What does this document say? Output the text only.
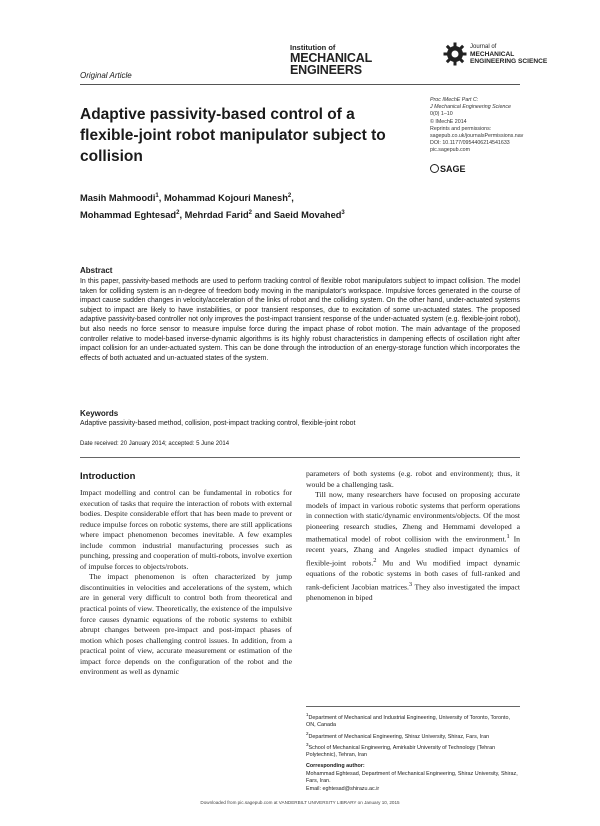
Institution of
MECHANICAL
ENGINEERS
Journal of
MECHANICAL
ENGINEERING SCIENCE
Original Article
Adaptive passivity-based control of a flexible-joint robot manipulator subject to collision
Proc IMechE Part C:
J Mechanical Engineering Science
0(0) 1–10
© IMechE 2014
Reprints and permissions:
sagepub.co.uk/journalsPermissions.nav
DOI: 10.1177/0954406214541633
pic.sagepub.com
SAGE
Masih Mahmoodi$^1$, Mohammad Kojouri Manesh$^2$,
Mohammad Eghtesad$^2$, Mehrdad Farid$^2$ and Saeid Movahed$^3$
Abstract
In this paper, passivity-based methods are used to perform tracking control of flexible robot manipulators subject to impact collision. The model taken for colliding system is an n-degree of freedom body moving in the manipulator's workspace. Impulsive forces generated in the course of impact cause sudden changes in velocity/acceleration of the links of robot and the colliding system. On the other hand, under-actuated systems subject to impact are likely to have instabilities, or poor transient responses, due to excitation of some un-actuated states. The proposed adaptive passivity-based controller not only improves the post-impact transient response of the under-actuated system (e.g. flexible-joint robot), but also needs no force sensor to measure impulse force during the impact phase of robot motion. The main advantage of the proposed controller relative to model-based inverse-dynamic algorithms is its highly robust characteristics in dampening effects of oscillation right after impact collision for an under-actuated system. This can be done through the introduction of an energy-storage function which incorporates the effects of both actuated and un-actuated states of the system.
Keywords
Adaptive passivity-based method, collision, post-impact tracking control, flexible-joint robot
Date received: 20 January 2014; accepted: 5 June 2014
Introduction

Impact modelling and control can be fundamental in robotics for execution of tasks that require the interaction of robots with external bodies. Despite considerable effort that has been made to prevent or reduce impulse forces on robotic systems, there are still applications where impact phenomenon becomes inevitable. A few examples include common industrial manufacturing processes such as punching, pressing and cooperation of multi-robots, involve exertion of impulse forces to objects/robots.

The impact phenomenon is often characterized by jump discontinuities in velocities and accelerations of the system, which are in general very difficult to control both from theoretical and practical points of view. Theoretically, the existence of the impulsive force causes dynamic equations of the robotic systems to exhibit abrupt changes between pre-impact and post-impact phases of motion which poses challenging control issues. In addition, from a practical point of view, accurate measurement or estimation of the impact force depends on the configuration of the robot and the environment as well as dynamic

parameters of both systems (e.g. robot and environment); thus, it would be a challenging task.

Till now, many researchers have focused on proposing accurate models of impact in various robotic systems that perform operations in connection with static/dynamic environments/objects. Of the most pioneering research studies, Zheng and Hemmami developed a mathematical model of robot collision with the environment.$^1$ In recent years, Zhang and Angeles studied impact dynamics of flexible-joint robots.$^2$ Mu and Wu modified impact dynamic equations of the robotic systems in both cases of full-ranked and rank-deficient Jacobian matrices.$^3$ They also investigated the impact phenomenon in biped

$^1$Department of Mechanical and Industrial Engineering, University of Toronto, Toronto, ON, Canada

$^2$Department of Mechanical Engineering, Shiraz University, Shiraz, Fars, Iran

$^3$School of Mechanical Engineering, Amirkabir University of Technology (Tehran Polytechnic), Tehran, Iran

Corresponding author:

Mohammad Eghtesad, Department of Mechanical Engineering, Shiraz University, Shiraz, Fars, Iran.

Email: eghtesad@shirazu.ac.ir

Downloaded from pic.sagepub.com at VANDERBILT UNIVERSITY LIBRARY on January 10, 2015
